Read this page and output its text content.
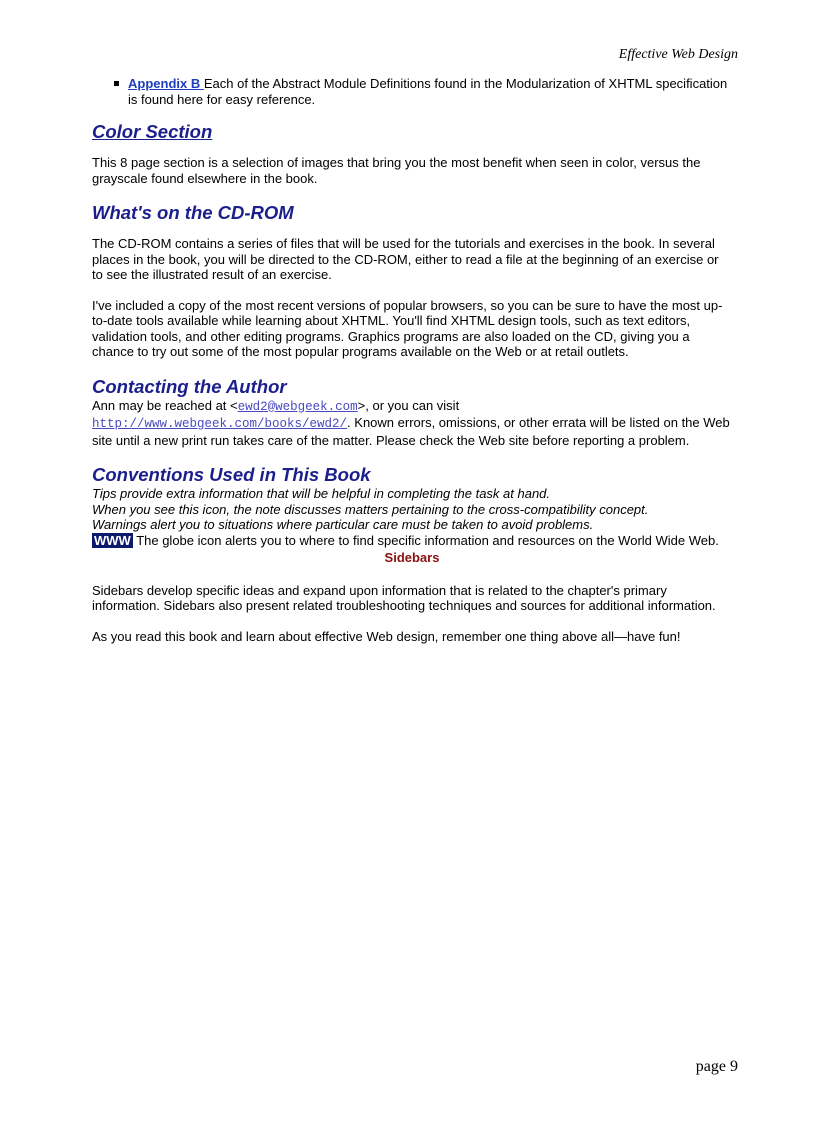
Effective Web Design
Appendix B Each of the Abstract Module Definitions found in the Modularization of XHTML specification is found here for easy reference.
Color Section

This 8 page section is a selection of images that bring you the most benefit when seen in color, versus the grayscale found elsewhere in the book.

What's on the CD-ROM

The CD-ROM contains a series of files that will be used for the tutorials and exercises in the book. In several places in the book, you will be directed to the CD-ROM, either to read a file at the beginning of an exercise or to see the illustrated result of an exercise.

I've included a copy of the most recent versions of popular browsers, so you can be sure to have the most up-to-date tools available while learning about XHTML. You'll find XHTML design tools, such as text editors, validation tools, and other editing programs. Graphics programs are also loaded on the CD, giving you a chance to try out some of the most popular programs available on the Web or at retail outlets.

Contacting the Author

Ann may be reached at <ewd2@webgeek.com>, or you can visit
http://www.webgeek.com/books/ewd2/. Known errors, omissions, or other errata will be listed on the Web site until a new print run takes care of the matter. Please check the Web site before reporting a problem.

Conventions Used in This Book

Tips provide extra information that will be helpful in completing the task at hand.

When you see this icon, the note discusses matters pertaining to the cross-compatibility concept.

Warnings alert you to situations where particular care must be taken to avoid problems.

WWW The globe icon alerts you to where to find specific information and resources on the World Wide Web.

Sidebars

Sidebars develop specific ideas and expand upon information that is related to the chapter's primary information. Sidebars also present related troubleshooting techniques and sources for additional information.

As you read this book and learn about effective Web design, remember one thing above all—have fun!

page 9
